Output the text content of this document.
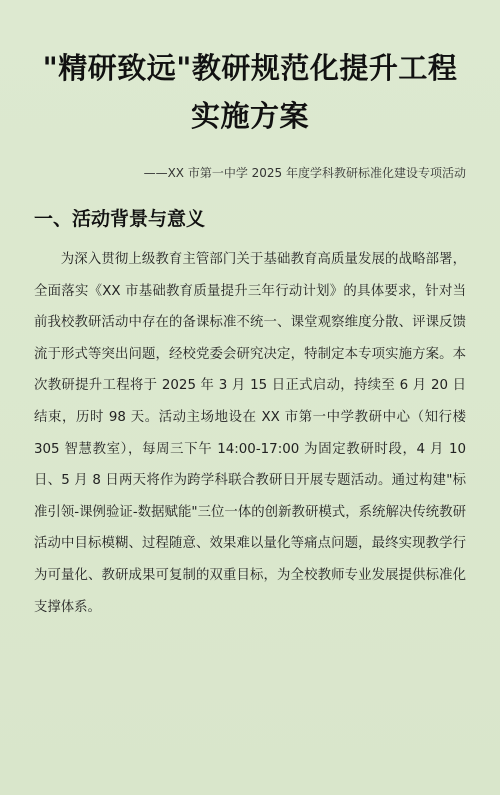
"精研致远"教研规范化提升工程实施方案

——XX 市第一中学 2025 年度学科教研标准化建设专项活动

一、活动背景与意义

为深入贯彻上级教育主管部门关于基础教育高质量发展的战略部署，全面落实《XX 市基础教育质量提升三年行动计划》的具体要求，针对当前我校教研活动中存在的备课标准不统一、课堂观察维度分散、评课反馈流于形式等突出问题，经校党委会研究决定，特制定本专项实施方案。本次教研提升工程将于 2025 年 3 月 15 日正式启动，持续至 6 月 20 日结束，历时 98 天。活动主场地设在 XX 市第一中学教研中心（知行楼 305 智慧教室），每周三下午 14:00-17:00 为固定教研时段，4 月 10 日、5 月 8 日两天将作为跨学科联合教研日开展专题活动。通过构建"标准引领-课例验证-数据赋能"三位一体的创新教研模式，系统解决传统教研活动中目标模糊、过程随意、效果难以量化等痛点问题，最终实现教学行为可量化、教研成果可复制的双重目标，为全校教师专业发展提供标准化支撑体系。
